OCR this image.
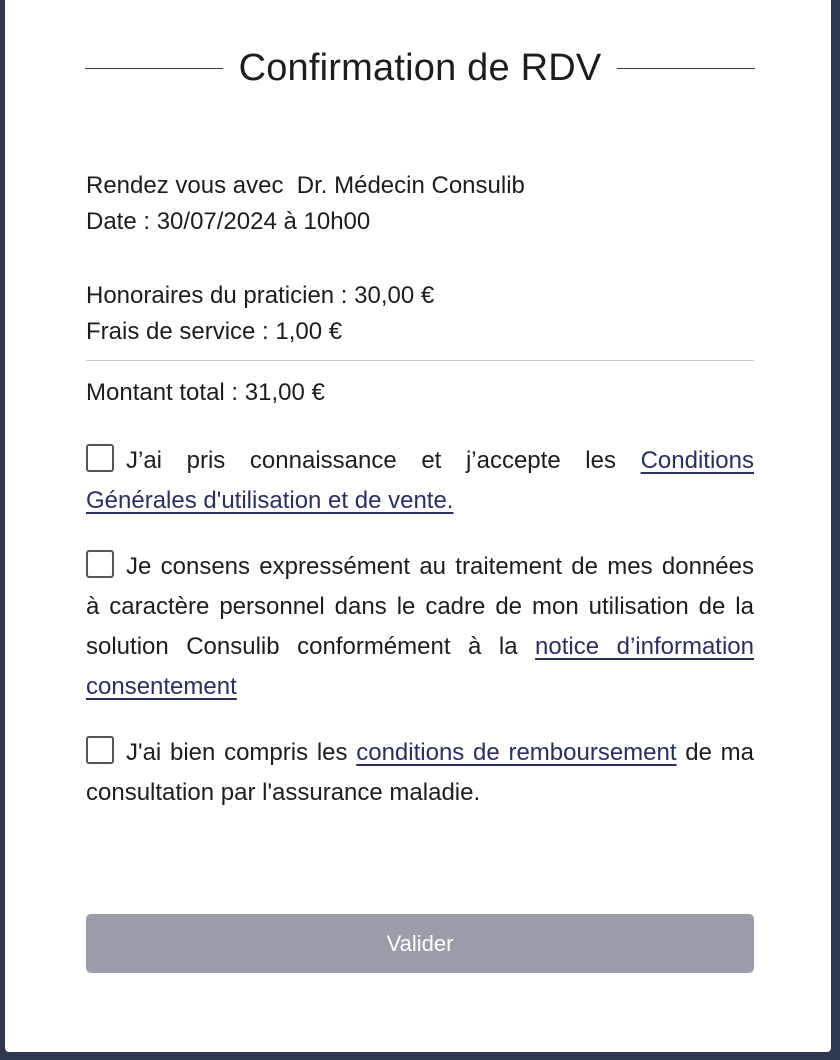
Confirmation de RDV

Rendez vous avec  Dr. Médecin Consulib

Date : 30/07/2024 à 10h00

Honoraires du praticien : 30,00 €

Frais de service : 1,00 €

Montant total : 31,00 €

J’ai pris connaissance et j’accepte les Conditions Générales d'utilisation et de vente.
Je consens expressément au traitement de mes données à caractère personnel dans le cadre de mon utilisation de la solution Consulib conformément à la notice d’information consentement
J'ai bien compris les conditions de remboursement de ma consultation par l'assurance maladie.
Valider
